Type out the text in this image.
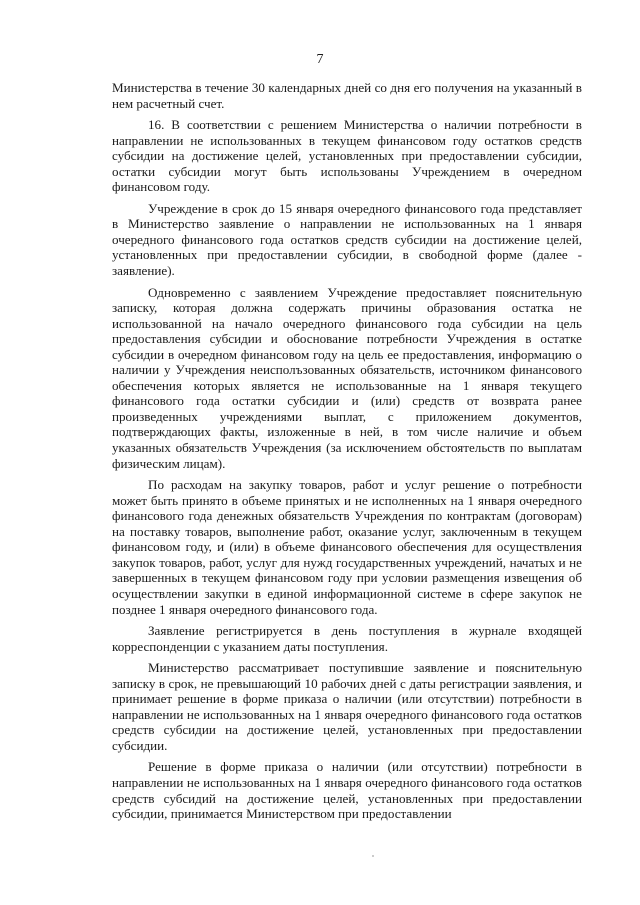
7

Министерства в течение 30 календарных дней со дня его получения на указанный в нем расчетный счет.

16. В соответствии с решением Министерства о наличии потребности в направлении не использованных в текущем финансовом году остатков средств субсидии на достижение целей, установленных при предоставлении субсидии, остатки субсидии могут быть использованы Учреждением в очередном финансовом году.

Учреждение в срок до 15 января очередного финансового года представляет в Министерство заявление о направлении не использованных на 1 января очередного финансового года остатков средств субсидии на достижение целей, установленных при предоставлении субсидии, в свободной форме (далее - заявление).

Одновременно с заявлением Учреждение предоставляет пояснительную записку, которая должна содержать причины образования остатка не использованной на начало очередного финансового года субсидии на цель предоставления субсидии и обоснование потребности Учреждения в остатке субсидии в очередном финансовом году на цель ее предоставления, информацию о наличии у Учреждения неисполъзованных обязательств, источником финансового обеспечения которых является не использованные на 1 января текущего финансового года остатки субсидии и (или) средств от возврата ранее произведенных учреждениями выплат, с приложением документов, подтверждающих факты, изложенные в ней, в том числе наличие и объем указанных обязательств Учреждения (за исключением обстоятельств по выплатам физическим лицам).

По расходам на закупку товаров, работ и услуг решение о потребности может быть принято в объеме принятых и не исполненных на 1 января очередного финансового года денежных обязательств Учреждения по контрактам (договорам) на поставку товаров, выполнение работ, оказание услуг, заключенным в текущем финансовом году, и (или) в объеме финансового обеспечения для осуществления закупок товаров, работ, услуг для нужд государственных учреждений, начатых и не завершенных в текущем финансовом году при условии размещения извещения об осуществлении закупки в единой информационной системе в сфере закупок не позднее 1 января очередного финансового года.

Заявление регистрируется в день поступления в журнале входящей корреспонденции с указанием даты поступления.

Министерство рассматривает поступившие заявление и пояснительную записку в срок, не превышающий 10 рабочих дней с даты регистрации заявления, и принимает решение в форме приказа о наличии (или отсутствии) потребности в направлении не использованных на 1 января очередного финансового года остатков средств субсидии на достижение целей, установленных при предоставлении субсидии.

Решение в форме приказа о наличии (или отсутствии) потребности в направлении не использованных на 1 января очередного финансового года остатков средств субсидий на достижение целей, установленных при предоставлении субсидии, принимается Министерством при предоставлении
